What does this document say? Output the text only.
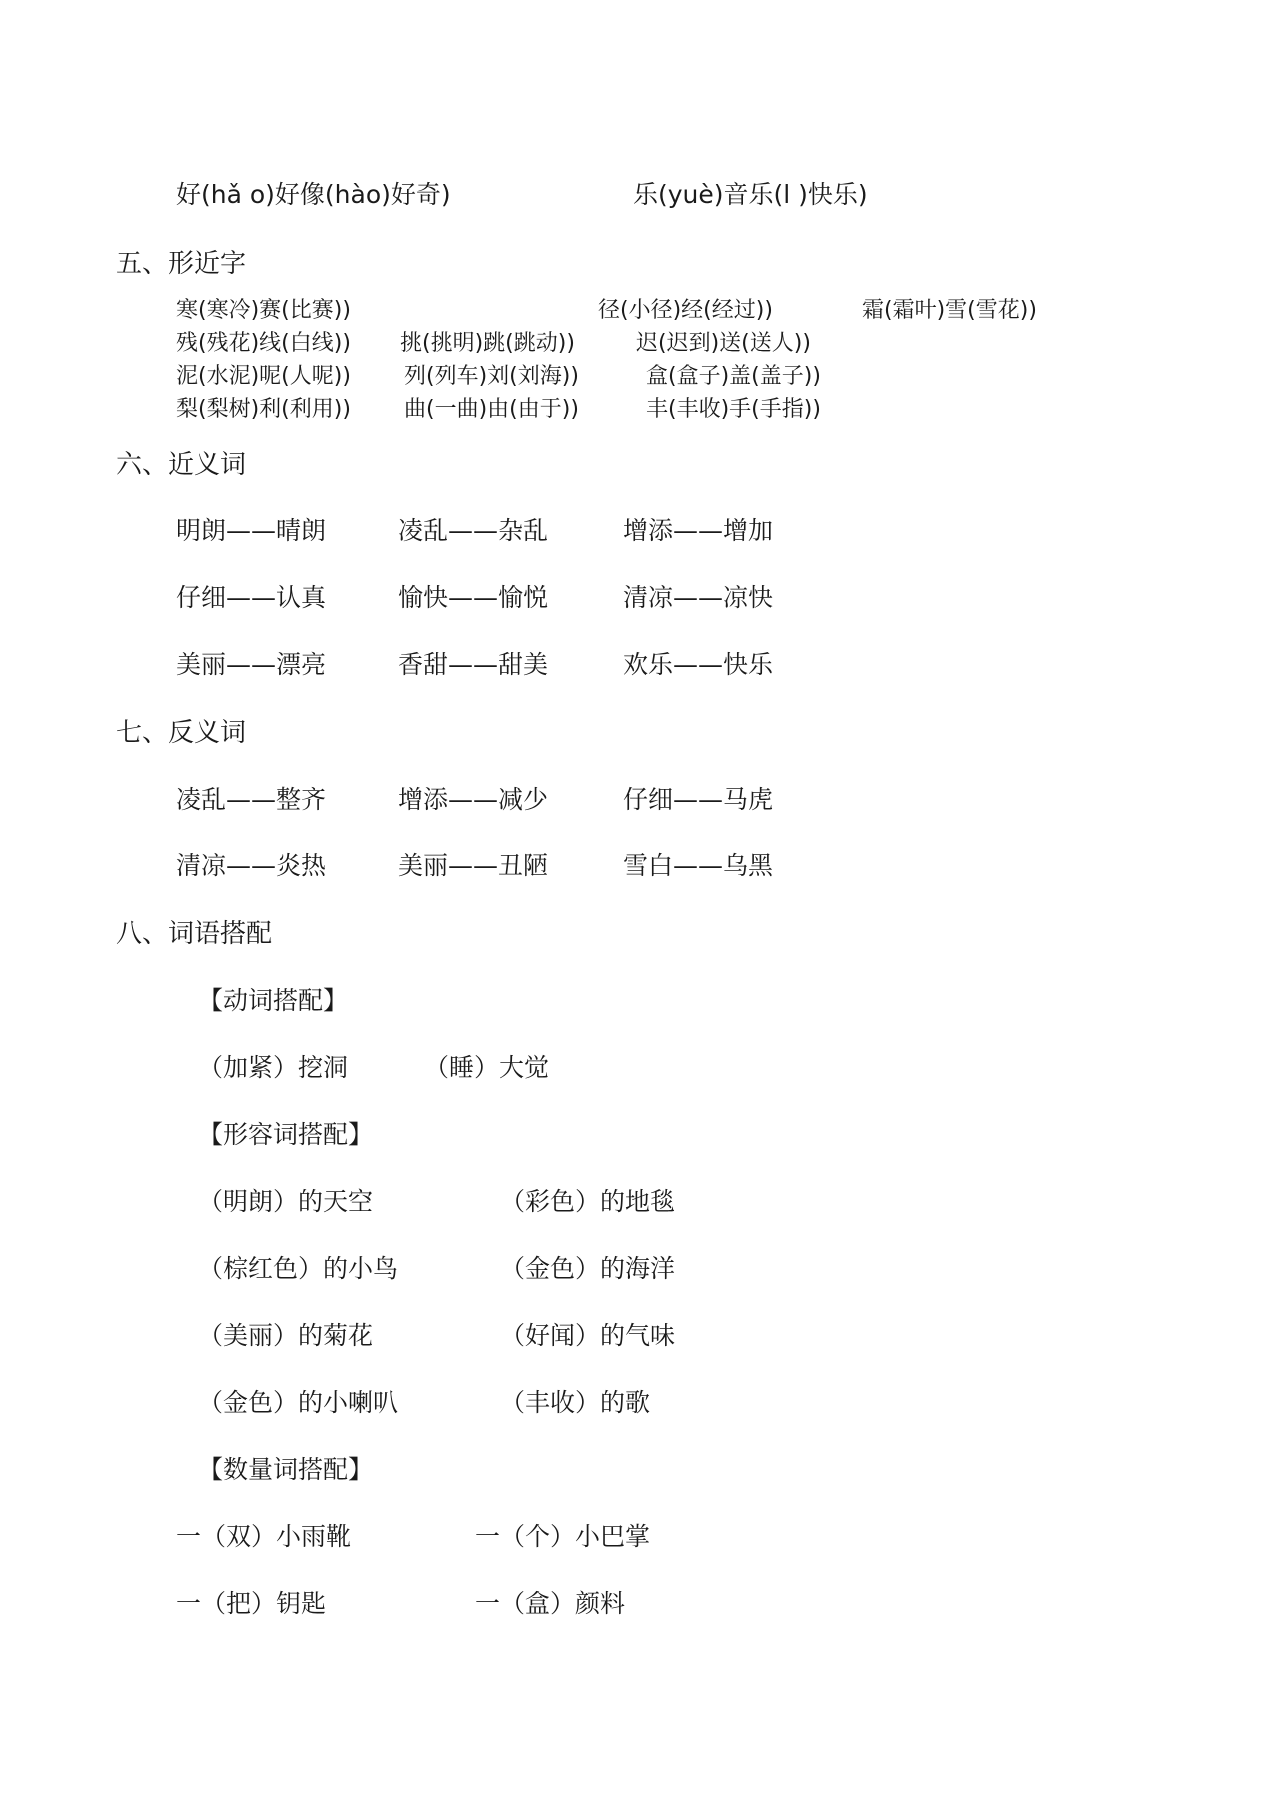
好(hǎ o)好像(hào)好奇)	乐(yuè)音乐(l )快乐)
五、形近字
寒(寒冷)赛(比赛))	径(小径)经(经过))	霜(霜叶)雪(雪花))
残(残花)线(白线)) 挑(挑明)跳(跳动))	迟(迟到)送(送人))
泥(水泥)呢(人呢)) 列(列车)刘(刘海))	盒(盒子)盖(盖子))
梨(梨树)利(利用)) 曲(一曲)由(由于))	丰(丰收)手(手指))
六、近义词
明朗——晴朗	凌乱——杂乱	增添——增加
仔细——认真	愉快——愉悦	清凉——凉快
美丽——漂亮	香甜——甜美	欢乐——快乐
七、反义词
凌乱——整齐	增添——减少	仔细——马虎
清凉——炎热	美丽——丑陋	雪白——乌黑
八、词语搭配
【动词搭配】
（加紧）挖洞	（睡）大觉
【形容词搭配】
（明朗）的天空	（彩色）的地毯
（棕红色）的小鸟	（金色）的海洋
（美丽）的菊花	（好闻）的气味
（金色）的小喇叭	（丰收）的歌
【数量词搭配】
一（双）小雨靴	一（个）小巴掌
一（把）钥匙	一（盒）颜料
